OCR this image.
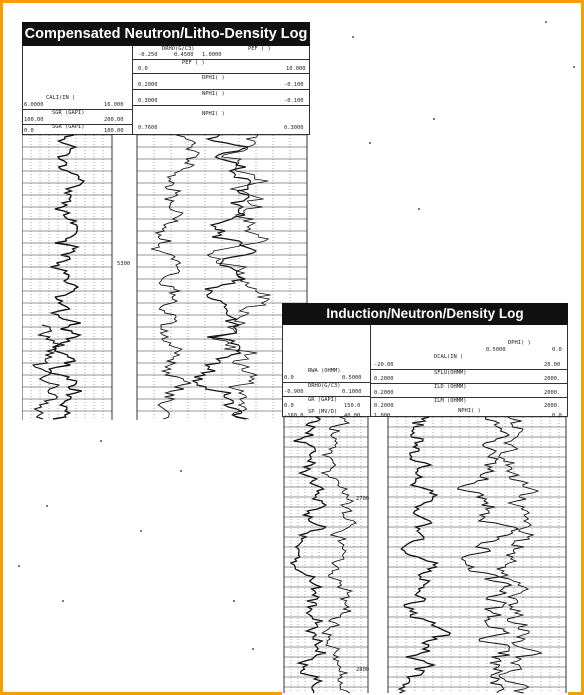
Compensated Neutron/Litho-Density Log
CALI(IN )
6.0000	16.000
SGR (GAPI)
100.00	200.00
SGR (GAPI)
0.0	100.00
DRHO(G/C3)
-0.250	0.4500 1.0000
PEF ( )
PEF ( )
0.0	10.000
DPHI( )
0.2000	-0.100
NPHI( )
0.3000	-0.100
NPHI( )
0.7600	0.3000
5300
Induction/Neutron/Density Log
RWA (OHMM)
0.0	0.5000
DRHO(G/C3)
-0.900	0.1000
GR (GAPI)
0.0	150.0
SP (MV/D)
-160.0	40.00
DPHI( )
0.5000	0.0
DCAL(IN )
-20.00	20.00
SFLU(OHMM)
0.2000	2000.
ILD (OHMM)
0.2000	2000.
ILM (OHMM)
0.2000	2000.
NPHI( )
1.000	0.0
2700
2800
